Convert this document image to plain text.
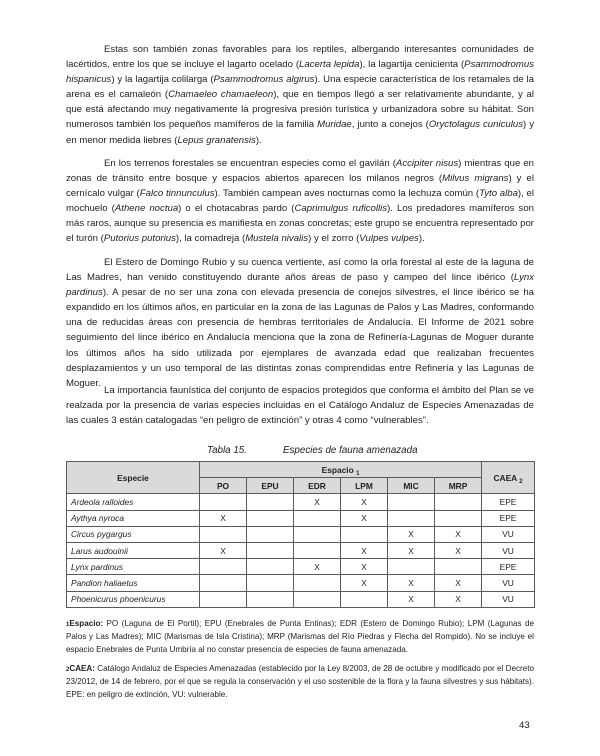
Estas son también zonas favorables para los reptiles, albergando interesantes comunidades de lacértidos, entre los que se incluye el lagarto ocelado (Lacerta lepida), la lagartija cenicienta (Psammodromus hispanicus) y la lagartija colilarga (Psammodromus algirus). Una especie característica de los retamales de la arena es el camaleón (Chamaeleo chamaeleon), que en tiempos llegó a ser relativamente abundante, y al que está afectando muy negativamente la progresiva presión turística y urbanizadora sobre su hábitat. Son numerosos también los pequeños mamíferos de la familia Muridae, junto a conejos (Oryctolagus cuniculus) y en menor medida liebres (Lepus granatensis).

En los terrenos forestales se encuentran especies como el gavilán (Accipiter nisus) mientras que en zonas de tránsito entre bosque y espacios abiertos aparecen los milanos negros (Milvus migrans) y el cernícalo vulgar (Falco tinnunculus). También campean aves nocturnas como la lechuza común (Tyto alba), el mochuelo (Athene noctua) o el chotacabras pardo (Caprimulgus ruficollis). Los predadores mamíferos son más raros, aunque su presencia es manifiesta en zonas concretas; este grupo se encuentra representado por el turón (Putorius putorius), la comadreja (Mustela nivalis) y el zorro (Vulpes vulpes).

El Estero de Domingo Rubio y su cuenca vertiente, así como la orla forestal al este de la laguna de Las Madres, han venido constituyendo durante años áreas de paso y campeo del lince ibérico (Lynx pardinus). A pesar de no ser una zona con elevada presencia de conejos silvestres, el lince ibérico se ha expandido en los últimos años, en particular en la zona de las Lagunas de Palos y Las Madres, conformando una de reducidas áreas con presencia de hembras territoriales de Andalucía. El Informe de 2021 sobre seguimiento del lince ibérico en Andalucía menciona que la zona de Refinería-Lagunas de Moguer durante los últimos años ha sido utilizada por ejemplares de avanzada edad que realizaban frecuentes desplazamientos y un uso temporal de las distintas zonas comprendidas entre Refinería y las Lagunas de Moguer.

La importancia faunística del conjunto de espacios protegidos que conforma el ámbito del Plan se ve realzada por la presencia de varias especies incluidas en el Catálogo Andaluz de Especies Amenazadas de las cuales 3 están catalogadas “en peligro de extinción” y otras 4 como “vulnerables”.

Tabla 15.	Especies de fauna amenazada
Especie	Espacio $_1$						CAEA $_2$
	PO	EPU	EDR	LPM	MIC	MRP	
Ardeola ralloides			X	X			EPE
Aythya nyroca	X			X			EPE
Circus pygargus					X	X	VU
Larus audouinii	X			X	X	X	VU
Lynx pardinus			X	X			EPE
Pandion haliaetus				X	X	X	VU
Phoenicurus phoenicurus					X	X	VU

1Espacio: PO (Laguna de El Portil); EPU (Enebrales de Punta Entinas); EDR (Estero de Domingo Rubio); LPM (Lagunas de Palos y Las Madres); MIC (Marismas de Isla Cristina); MRP (Marismas del Río Piedras y Flecha del Rompido). No se incluye el espacio Enebrales de Punta Umbría al no constar presencia de especies de fauna amenazada.

2CAEA: Catálogo Andaluz de Especies Amenazadas (establecido por la Ley 8/2003, de 28 de octubre y modificado por el Decreto 23/2012, de 14 de febrero, por el que se regula la conservación y el uso sostenible de la flora y la fauna silvestres y sus hábitats). EPE: en peligro de extinción, VU: vulnerable.

43
